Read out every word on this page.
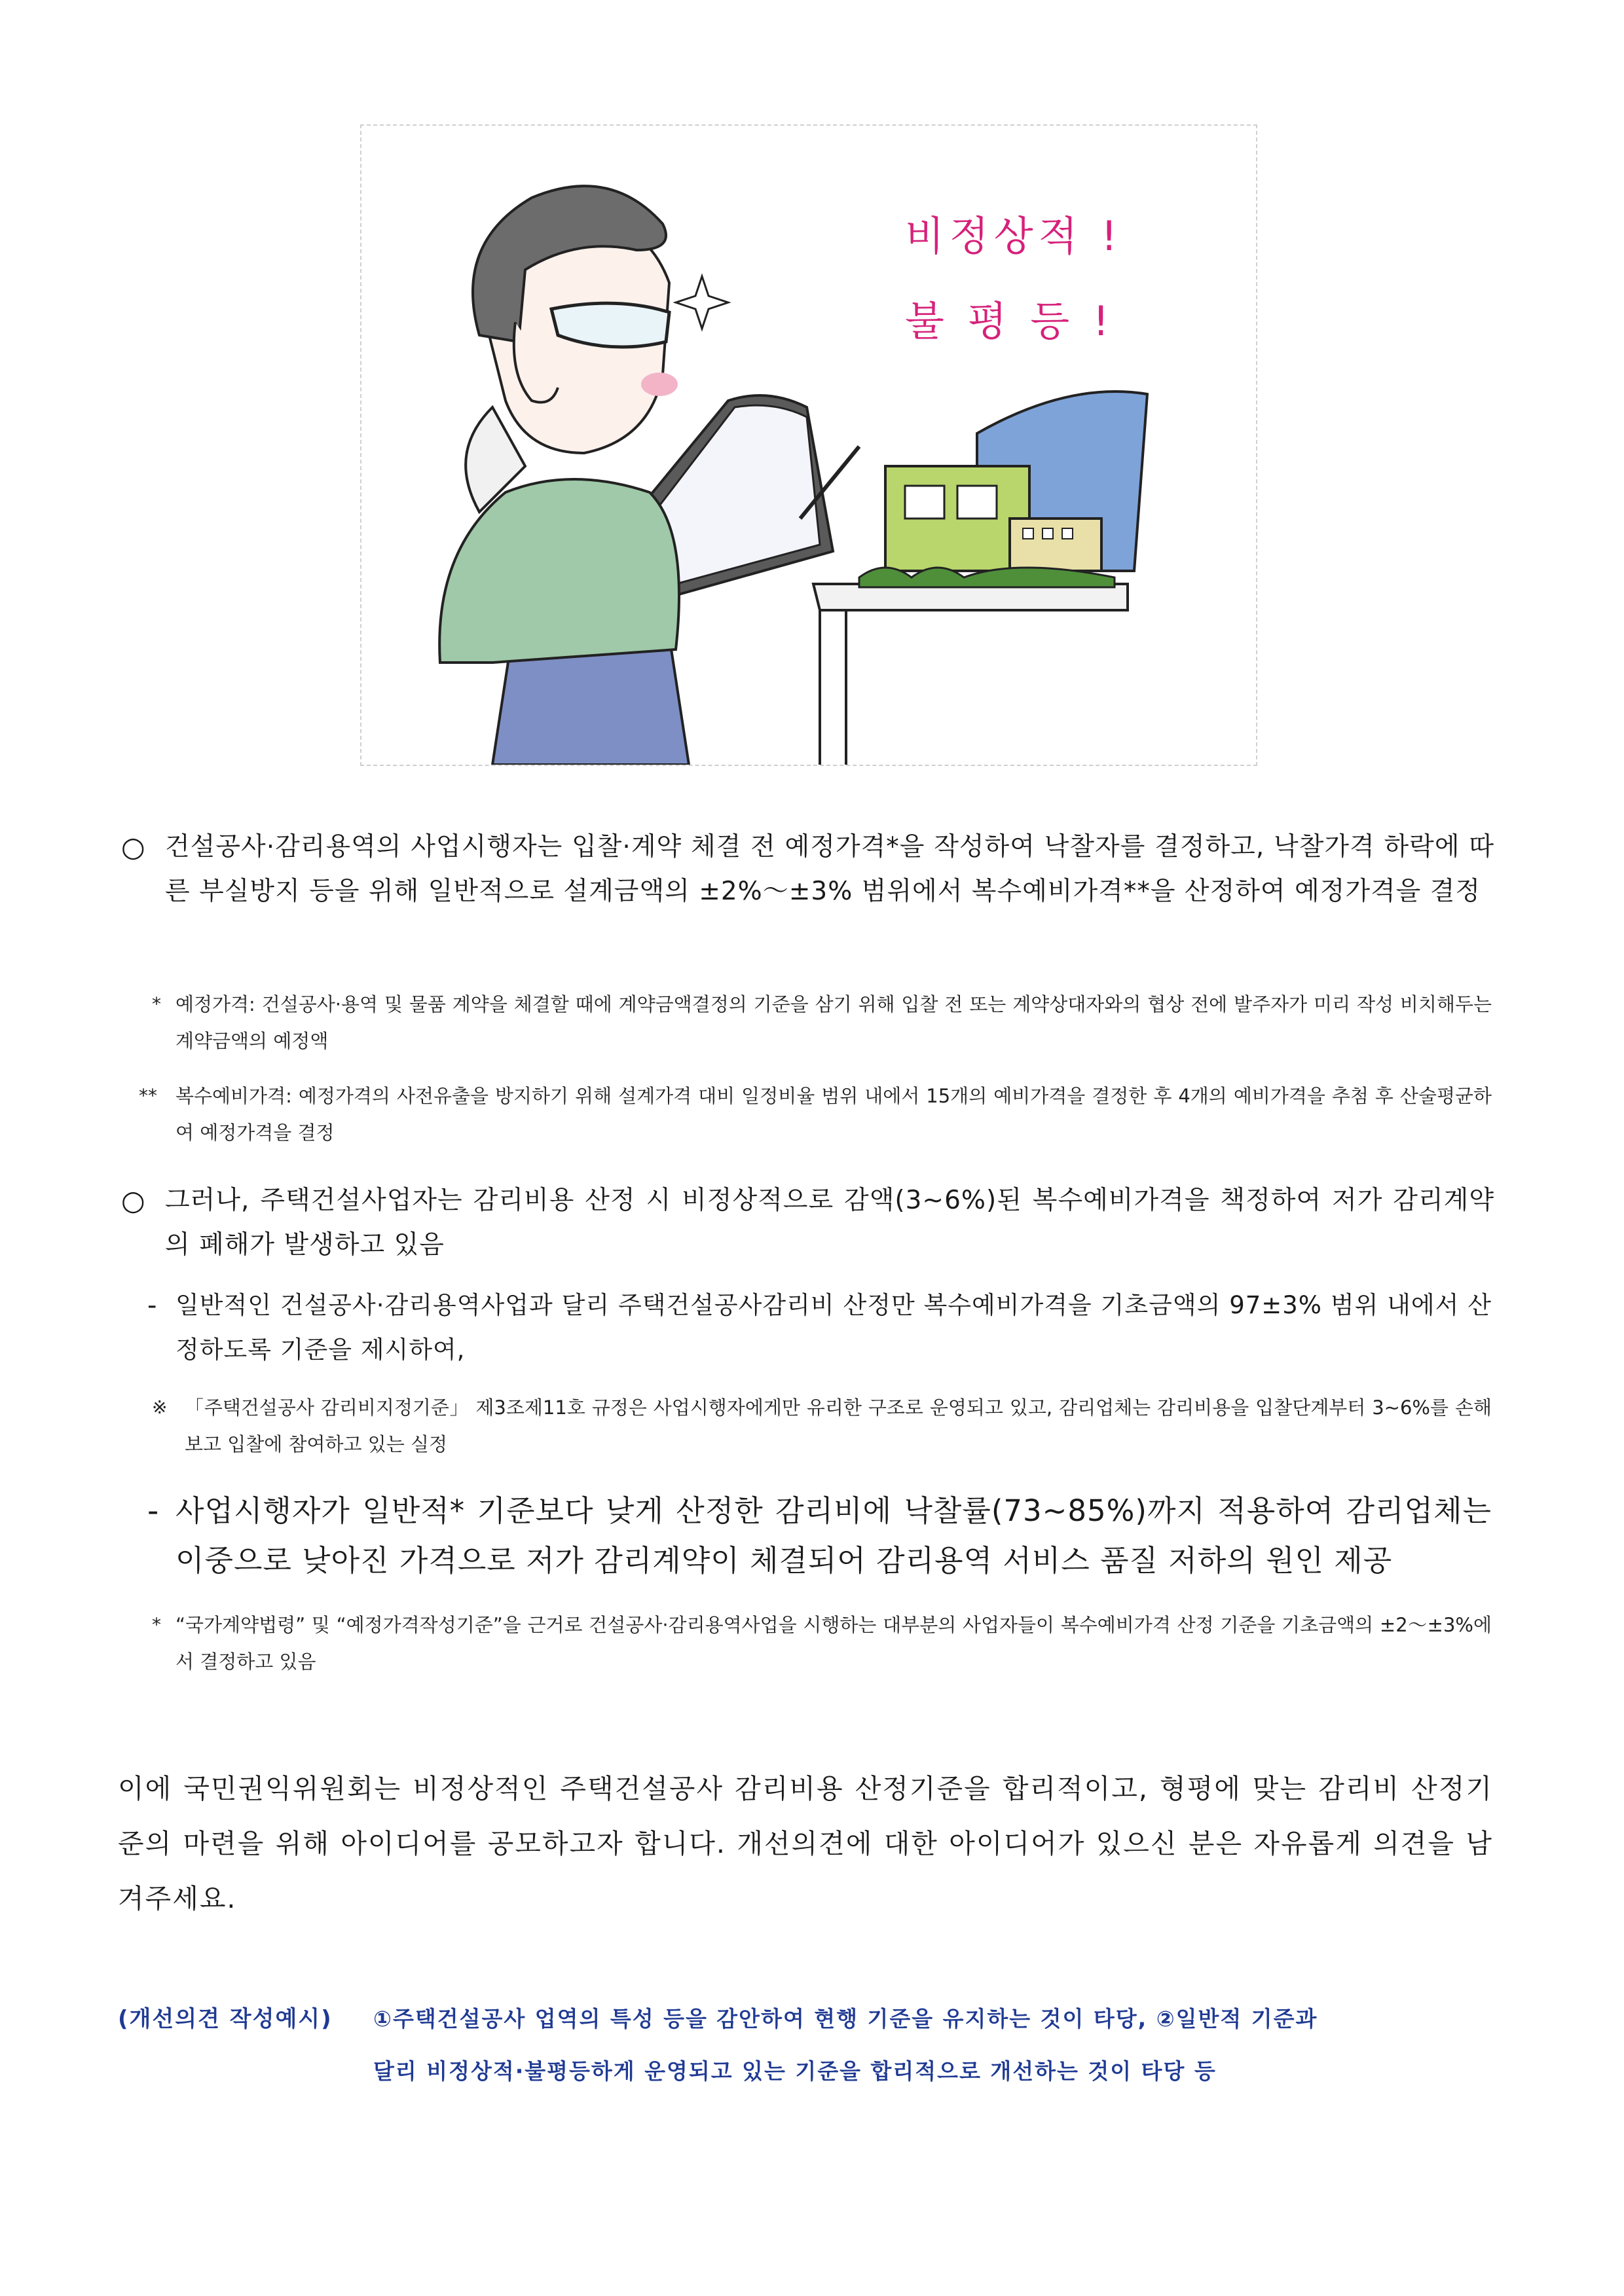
비정상적 !
불 평 등 !
○ 건설공사·감리용역의 사업시행자는 입찰·계약 체결 전 예정가격*을 작성하여 낙찰자를 결정하고, 낙찰가격 하락에 따른 부실방지 등을 위해 일반적으로 설계금액의 ±2%～±3% 범위에서 복수예비가격**을 산정하여 예정가격을 결정

* 예정가격: 건설공사·용역 및 물품 계약을 체결할 때에 계약금액결정의 기준을 삼기 위해 입찰 전 또는 계약상대자와의 협상 전에 발주자가 미리 작성 비치해두는 계약금액의 예정액

** 복수예비가격: 예정가격의 사전유출을 방지하기 위해 설계가격 대비 일정비율 범위 내에서 15개의 예비가격을 결정한 후 4개의 예비가격을 추첨 후 산술평균하여 예정가격을 결정

○ 그러나, 주택건설사업자는 감리비용 산정 시 비정상적으로 감액(3~6%)된 복수예비가격을 책정하여 저가 감리계약의 폐해가 발생하고 있음

- 일반적인 건설공사·감리용역사업과 달리 주택건설공사감리비 산정만 복수예비가격을 기초금액의 97±3% 범위 내에서 산정하도록 기준을 제시하여,

※ 「주택건설공사 감리비지정기준」 제3조제11호 규정은 사업시행자에게만 유리한 구조로 운영되고 있고, 감리업체는 감리비용을 입찰단계부터 3~6%를 손해보고 입찰에 참여하고 있는 실정

- 사업시행자가 일반적* 기준보다 낮게 산정한 감리비에 낙찰률(73~85%)까지 적용하여 감리업체는 이중으로 낮아진 가격으로 저가 감리계약이 체결되어 감리용역 서비스 품질 저하의 원인 제공

* “국가계약법령” 및 “예정가격작성기준”을 근거로 건설공사·감리용역사업을 시행하는 대부분의 사업자들이 복수예비가격 산정 기준을 기초금액의 ±2～±3%에서 결정하고 있음

이에 국민권익위원회는 비정상적인 주택건설공사 감리비용 산정기준을 합리적이고, 형평에 맞는 감리비 산정기준의 마련을 위해 아이디어를 공모하고자 합니다. 개선의견에 대한 아이디어가 있으신 분은 자유롭게 의견을 남겨주세요.

(개선의견 작성예시) ①주택건설공사 업역의 특성 등을 감안하여 현행 기준을 유지하는 것이 타당, ②일반적 기준과
달리 비정상적·불평등하게 운영되고 있는 기준을 합리적으로 개선하는 것이 타당 등
